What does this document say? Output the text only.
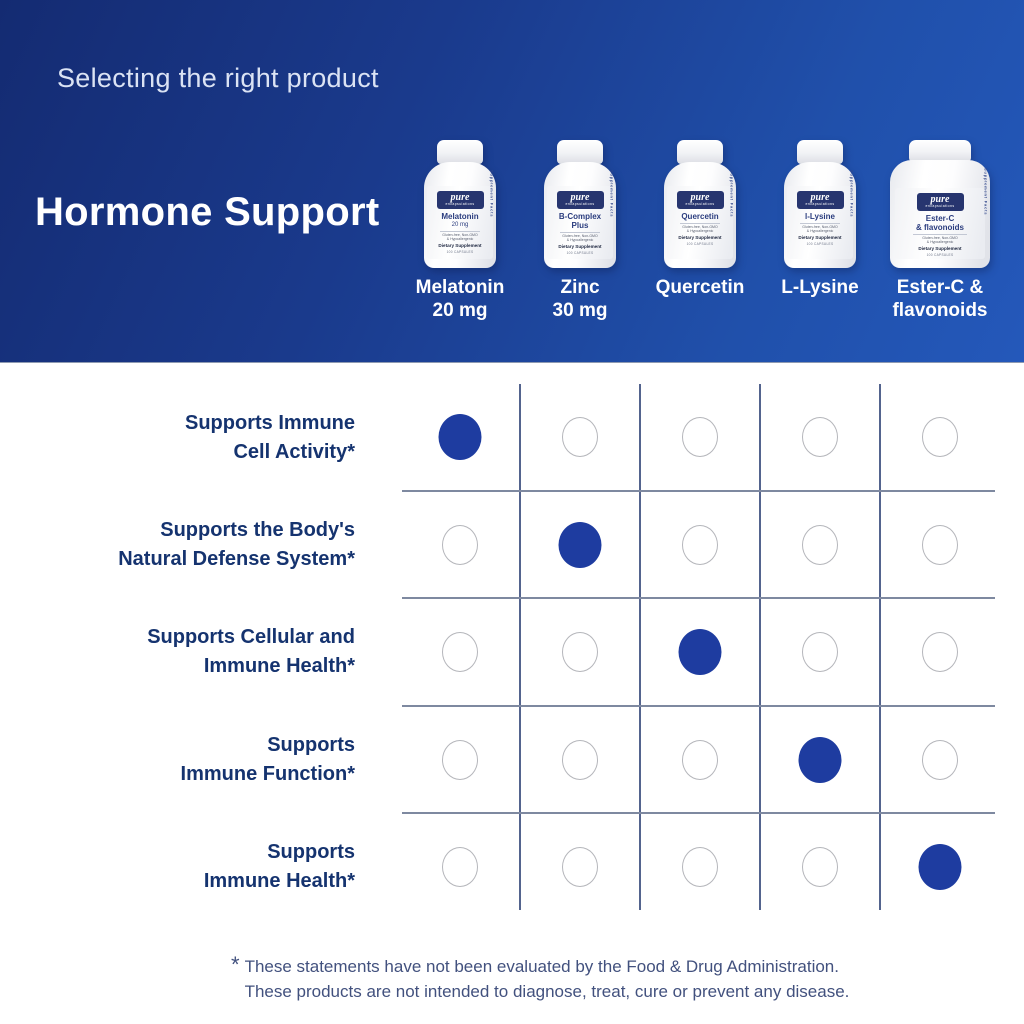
Selecting the right product
Hormone Support	pure
encapsulations
Melatonin
20 mg
Gluten-free, Non-GMO
& Hypoallergenic
Dietary Supplement
100 CAPSULES
Supplement Facts
Melatonin
20 mg
pure
encapsulations
B-Complex
Plus
Gluten-free, Non-GMO
& Hypoallergenic
Dietary Supplement
100 CAPSULES
Supplement Facts
Zinc
30 mg
pure
encapsulations
Quercetin
Gluten-free, Non-GMO
& Hypoallergenic
Dietary Supplement
100 CAPSULES
Supplement Facts
Quercetin
pure
encapsulations
l-Lysine
Gluten-free, Non-GMO
& Hypoallergenic
Dietary Supplement
100 CAPSULES
Supplement Facts
L-Lysine
pure
encapsulations
Ester-C
& flavonoids
Gluten-free, Non-GMO
& Hypoallergenic
Dietary Supplement
100 CAPSULES
Supplement Facts
Ester-C &
flavonoids
Supports Immune
Cell Activity*
Supports the Body's
Natural Defense System*
Supports Cellular and
Immune Health*
Supports
Immune Function*
Supports
Immune Health*
* These statements have not been evaluated by the Food & Drug Administration.
These products are not intended to diagnose, treat, cure or prevent any disease.
